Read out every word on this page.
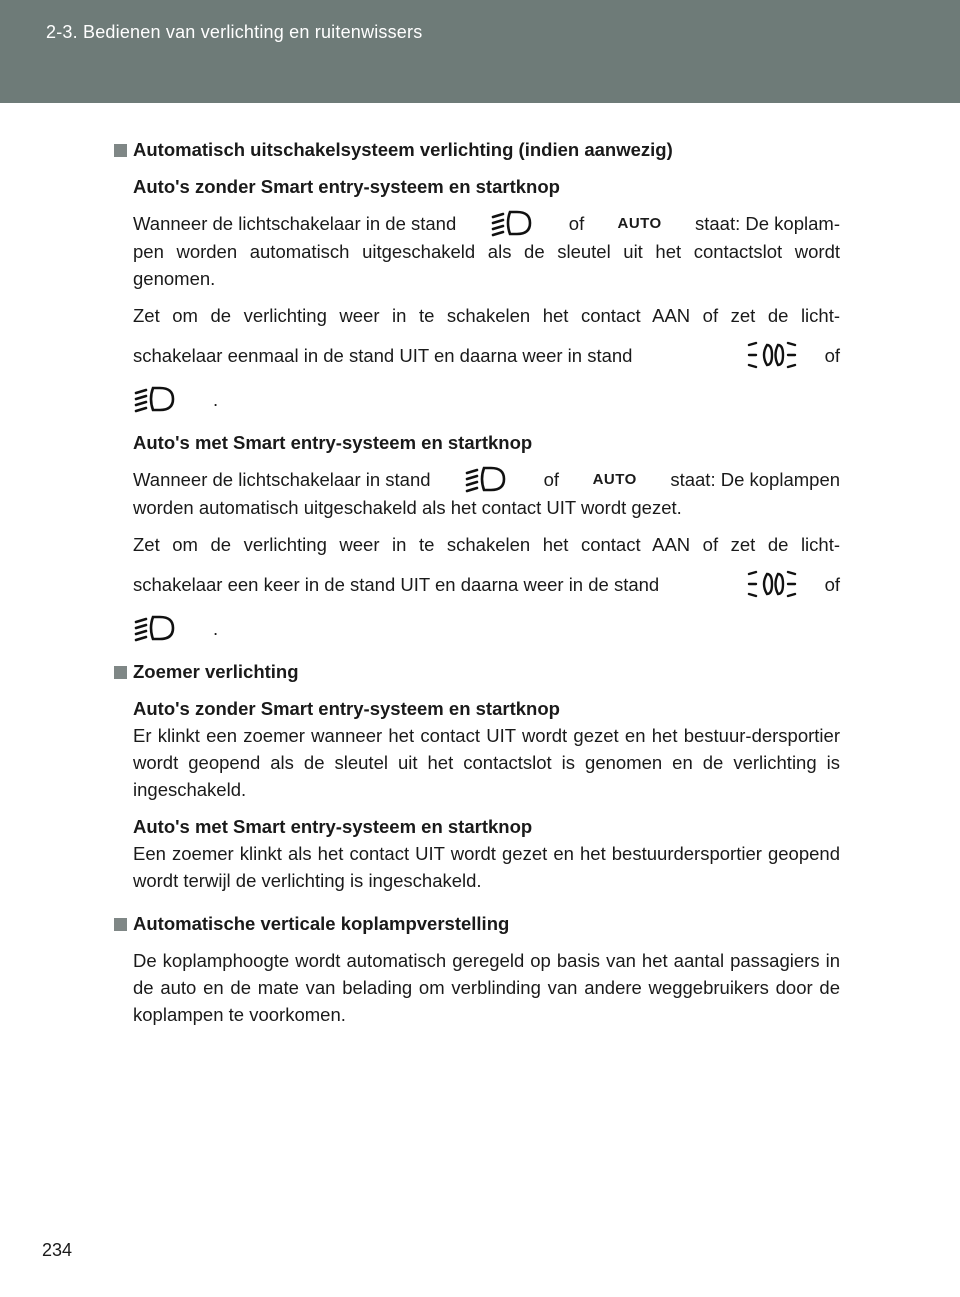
2-3. Bedienen van verlichting en ruitenwissers
Automatisch uitschakelsysteem verlichting (indien aanwezig)
Auto's zonder Smart entry-systeem en startknop
Wanneer de lichtschakelaar in de stand	of AUTO staat: De koplam-

pen worden automatisch uitgeschakeld als de sleutel uit het contactslot wordt genomen.

Zet om de verlichting weer in te schakelen het contact AAN of zet de licht-

schakelaar eenmaal in de stand UIT en daarna weer in stand	of
.
Auto's met Smart entry-systeem en startknop
Wanneer de lichtschakelaar in stand	of AUTO staat: De koplampen

worden automatisch uitgeschakeld als het contact UIT wordt gezet.

Zet om de verlichting weer in te schakelen het contact AAN of zet de licht-

schakelaar een keer in de stand UIT en daarna weer in de stand	of
.
Zoemer verlichting
Auto's zonder Smart entry-systeem en startknop

Er klinkt een zoemer wanneer het contact UIT wordt gezet en het bestuur-dersportier wordt geopend als de sleutel uit het contactslot is genomen en de verlichting is ingeschakeld.

Auto's met Smart entry-systeem en startknop

Een zoemer klinkt als het contact UIT wordt gezet en het bestuurdersportier geopend wordt terwijl de verlichting is ingeschakeld.

Automatische verticale koplampverstelling

De koplamphoogte wordt automatisch geregeld op basis van het aantal passagiers in de auto en de mate van belading om verblinding van andere weggebruikers door de koplampen te voorkomen.

234
